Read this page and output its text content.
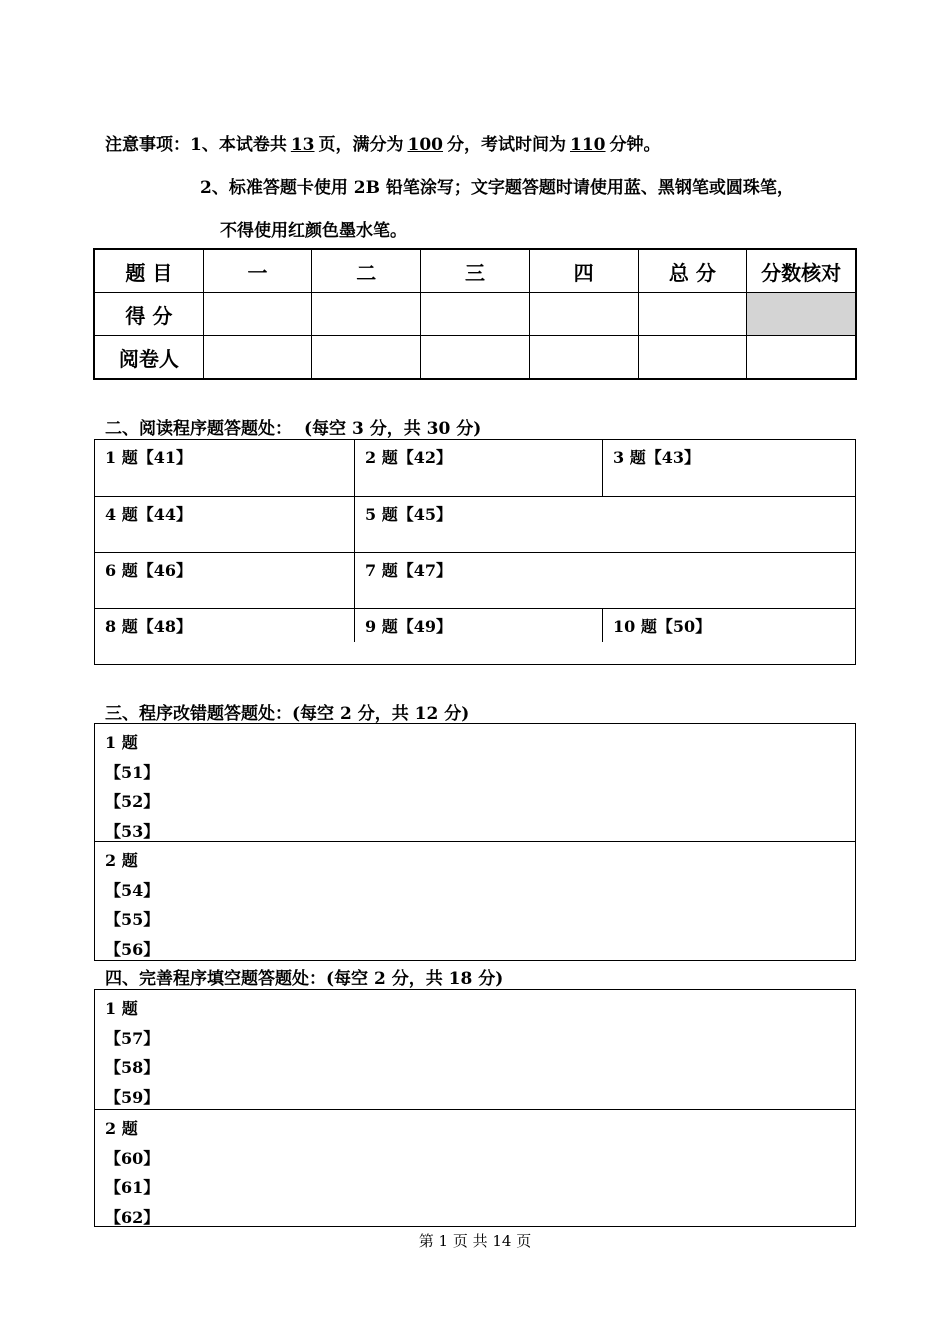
注意事项：1、本试卷共 13 页，满分为 100 分，考试时间为 110 分钟。
2、标准答题卡使用 2B 铅笔涂写；文字题答题时请使用蓝、黑钢笔或圆珠笔，
不得使用红颜色墨水笔。
题 目	一	二	三	四	总 分	分数核对
得 分						
阅卷人						
二、阅读程序题答题处： (每空 3 分，共 30 分)
1 题【41】	2 题【42】	3 题【43】
4 题【44】	5 题【45】
6 题【46】	7 题【47】
8 题【48】	9 题【49】	10 题【50】
三、程序改错题答题处：(每空 2 分，共 12 分)
1 题
【51】
【52】
【53】
2 题
【54】
【55】
【56】
四、完善程序填空题答题处：(每空 2 分，共 18 分)
1 题
【57】
【58】
【59】
2 题
【60】
【61】
【62】
第 1 页 共 14 页
